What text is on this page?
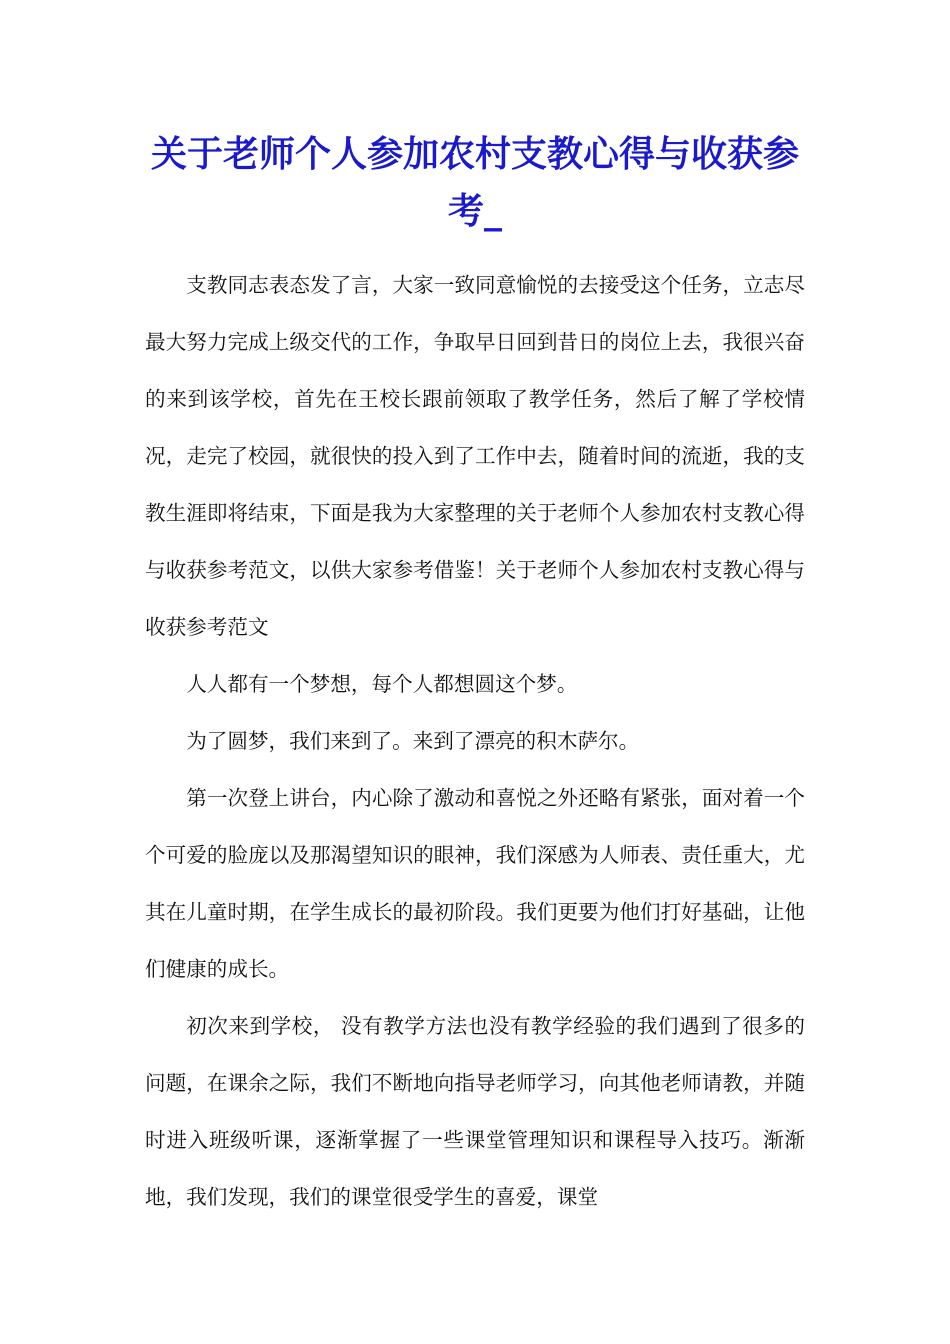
关于老师个人参加农村支教心得与收获参考_

支教同志表态发了言，大家一致同意愉悦的去接受这个任务，立志尽最大努力完成上级交代的工作，争取早日回到昔日的岗位上去，我很兴奋的来到该学校，首先在王校长跟前领取了教学任务，然后了解了学校情况，走完了校园，就很快的投入到了工作中去，随着时间的流逝，我的支教生涯即将结束，下面是我为大家整理的关于老师个人参加农村支教心得与收获参考范文，以供大家参考借鉴！关于老师个人参加农村支教心得与收获参考范文

人人都有一个梦想，每个人都想圆这个梦。

为了圆梦，我们来到了。来到了漂亮的积木萨尔。

第一次登上讲台，内心除了激动和喜悦之外还略有紧张，面对着一个个可爱的脸庞以及那渴望知识的眼神，我们深感为人师表、责任重大，尤其在儿童时期，在学生成长的最初阶段。我们更要为他们打好基础，让他们健康的成长。

初次来到学校， 没有教学方法也没有教学经验的我们遇到了很多的问题，在课余之际，我们不断地向指导老师学习，向其他老师请教，并随时进入班级听课，逐渐掌握了一些课堂管理知识和课程导入技巧。渐渐地，我们发现，我们的课堂很受学生的喜爱，课堂
